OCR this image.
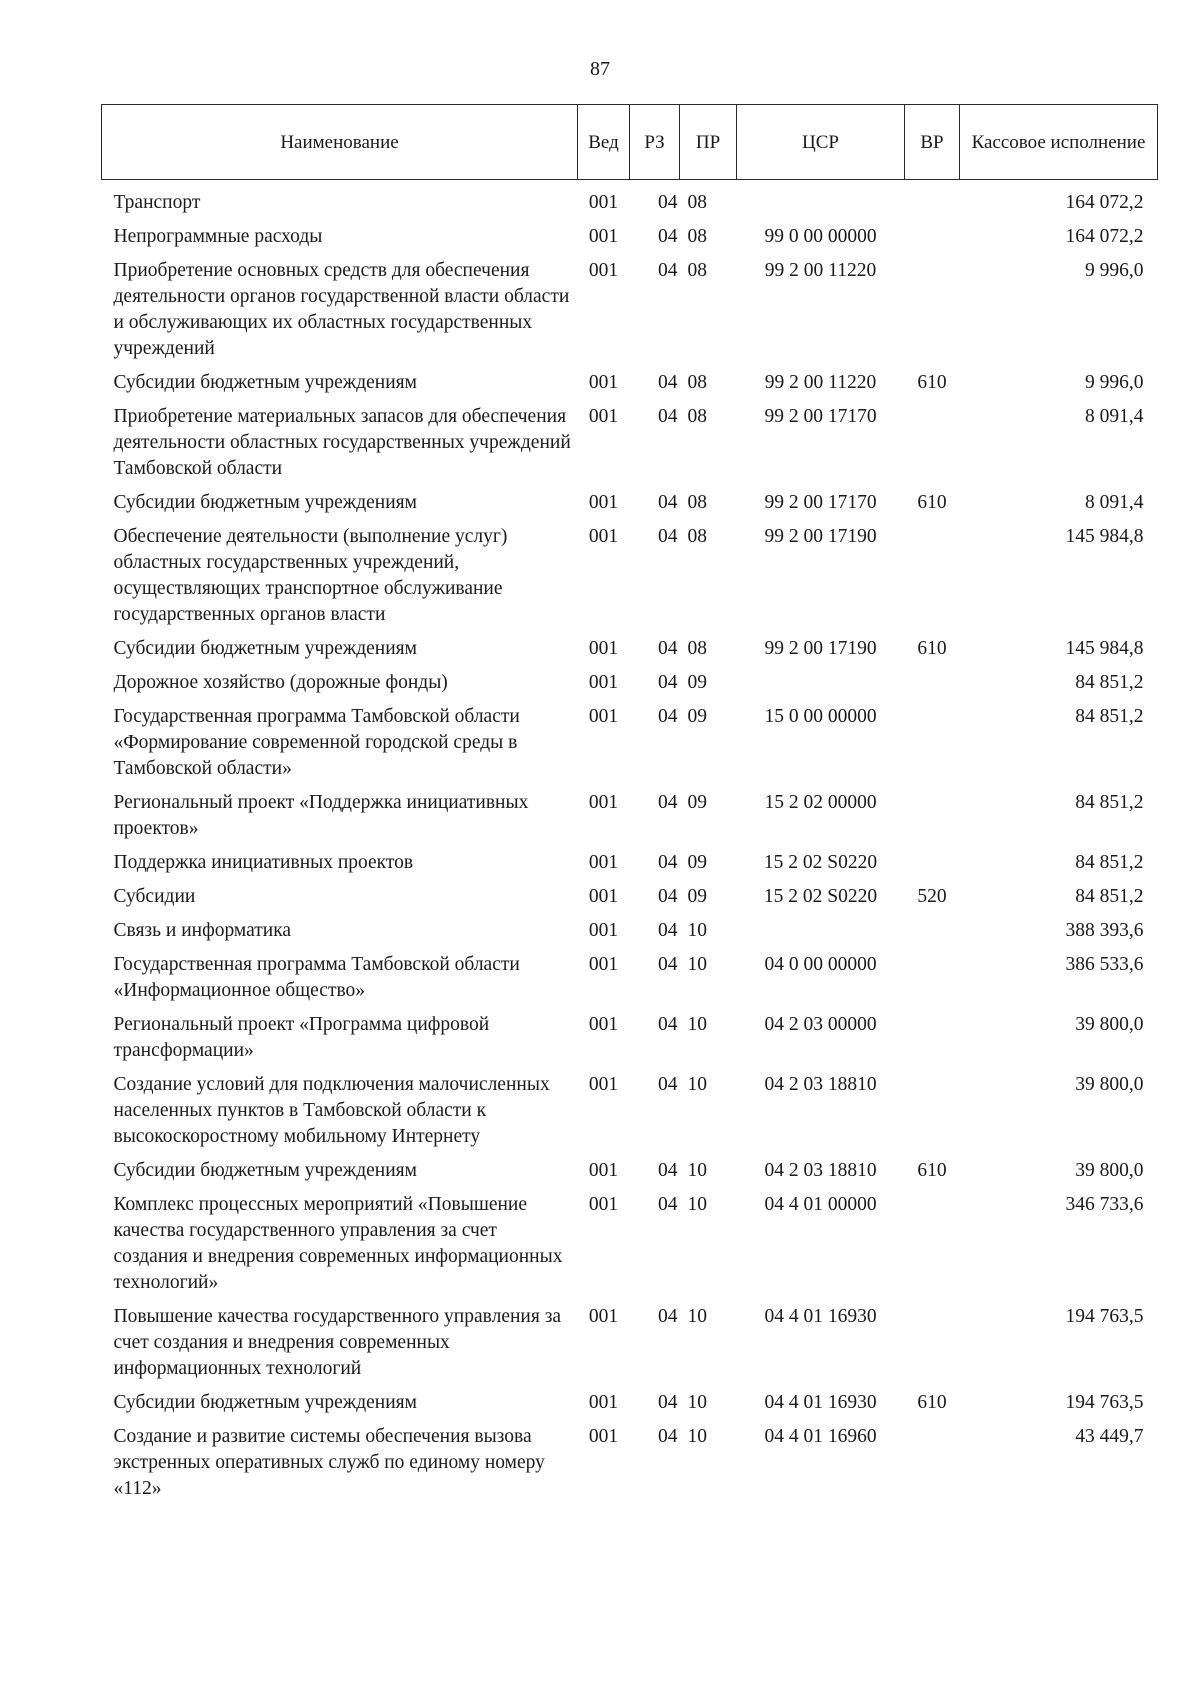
87
Наименование	Вед	РЗ	ПР	ЦСР	ВР	Кассовое исполнение
Транспорт	001	04	08			164 072,2
Непрограммные расходы	001	04	08	99 0 00 00000		164 072,2
Приобретение основных средств для обеспечения деятельности органов государственной власти области и обслуживающих их областных государственных учреждений	001	04	08	99 2 00 11220		9 996,0
Субсидии бюджетным учреждениям	001	04	08	99 2 00 11220	610	9 996,0
Приобретение материальных запасов для обеспечения деятельности областных государственных учреждений Тамбовской области	001	04	08	99 2 00 17170		8 091,4
Субсидии бюджетным учреждениям	001	04	08	99 2 00 17170	610	8 091,4
Обеспечение деятельности (выполнение услуг) областных государственных учреждений, осуществляющих транспортное обслуживание государственных органов власти	001	04	08	99 2 00 17190		145 984,8
Субсидии бюджетным учреждениям	001	04	08	99 2 00 17190	610	145 984,8
Дорожное хозяйство (дорожные фонды)	001	04	09			84 851,2
Государственная программа Тамбовской области «Формирование современной городской среды в Тамбовской области»	001	04	09	15 0 00 00000		84 851,2
Региональный проект «Поддержка инициативных проектов»	001	04	09	15 2 02 00000		84 851,2
Поддержка инициативных проектов	001	04	09	15 2 02 S0220		84 851,2
Субсидии	001	04	09	15 2 02 S0220	520	84 851,2
Связь и информатика	001	04	10			388 393,6
Государственная программа Тамбовской области «Информационное общество»	001	04	10	04 0 00 00000		386 533,6
Региональный проект «Программа цифровой трансформации»	001	04	10	04 2 03 00000		39 800,0
Создание условий для подключения малочисленных населенных пунктов в Тамбовской области к высокоскоростному мобильному Интернету	001	04	10	04 2 03 18810		39 800,0
Субсидии бюджетным учреждениям	001	04	10	04 2 03 18810	610	39 800,0
Комплекс процессных мероприятий «Повышение качества государственного управления за счет создания и внедрения современных информационных технологий»	001	04	10	04 4 01 00000		346 733,6
Повышение качества государственного управления за счет создания и внедрения современных информационных технологий	001	04	10	04 4 01 16930		194 763,5
Субсидии бюджетным учреждениям	001	04	10	04 4 01 16930	610	194 763,5
Создание и развитие системы обеспечения вызова экстренных оперативных служб по единому номеру «112»	001	04	10	04 4 01 16960		43 449,7
